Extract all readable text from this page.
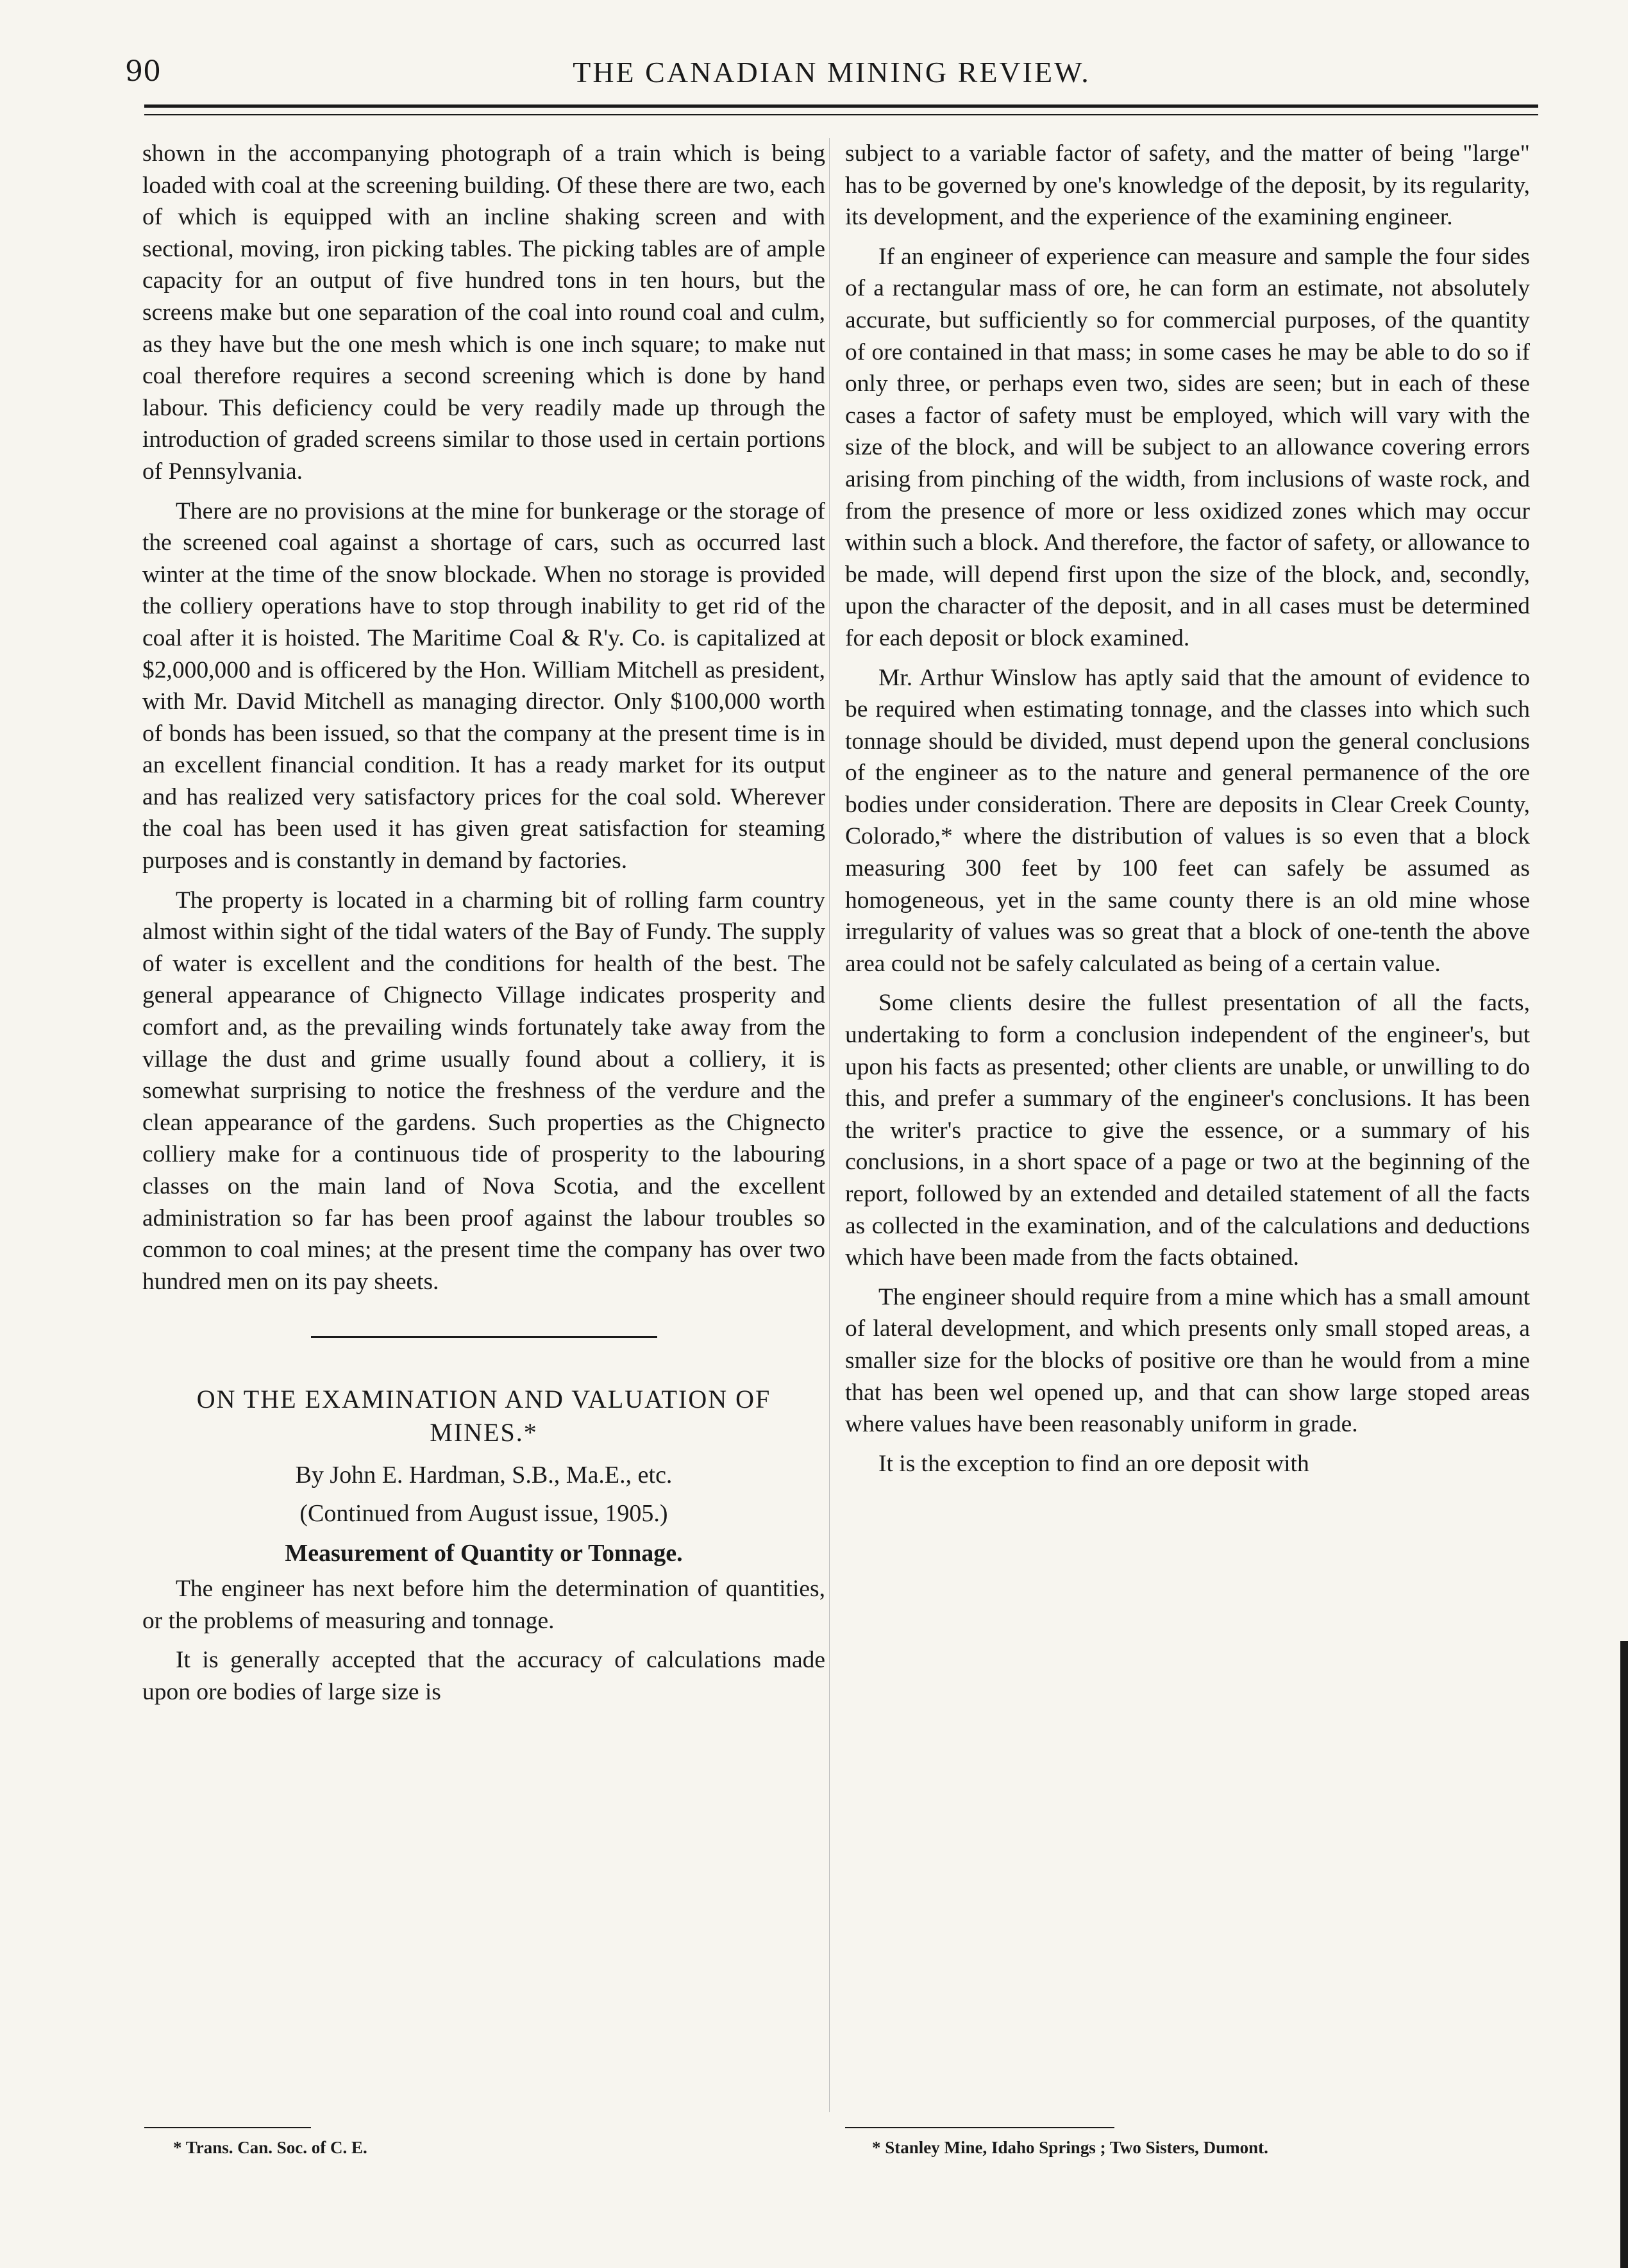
90	THE CANADIAN MINING REVIEW.

shown in the accompanying photograph of a train which is being loaded with coal at the screening building. Of these there are two, each of which is equipped with an incline shaking screen and with sectional, moving, iron picking tables. The picking tables are of ample capacity for an output of five hundred tons in ten hours, but the screens make but one separation of the coal into round coal and culm, as they have but the one mesh which is one inch square; to make nut coal therefore requires a second screening which is done by hand labour. This deficiency could be very readily made up through the introduction of graded screens similar to those used in certain portions of Pennsylvania.

There are no provisions at the mine for bunkerage or the storage of the screened coal against a shortage of cars, such as occurred last winter at the time of the snow blockade. When no storage is provided the colliery operations have to stop through inability to get rid of the coal after it is hoisted. The Maritime Coal & R'y. Co. is capitalized at $2,000,000 and is officered by the Hon. William Mitchell as president, with Mr. David Mitchell as managing director. Only $100,000 worth of bonds has been issued, so that the company at the present time is in an excellent financial condition. It has a ready market for its output and has realized very satisfactory prices for the coal sold. Wherever the coal has been used it has given great satisfaction for steaming purposes and is constantly in demand by factories.

The property is located in a charming bit of rolling farm country almost within sight of the tidal waters of the Bay of Fundy. The supply of water is excellent and the conditions for health of the best. The general appearance of Chignecto Village indicates prosperity and comfort and, as the prevailing winds fortunately take away from the village the dust and grime usually found about a colliery, it is somewhat surprising to notice the freshness of the verdure and the clean appearance of the gardens. Such properties as the Chignecto colliery make for a continuous tide of prosperity to the labouring classes on the main land of Nova Scotia, and the excellent administration so far has been proof against the labour troubles so common to coal mines; at the present time the company has over two hundred men on its pay sheets.

ON THE EXAMINATION AND VALUATION OF MINES.*
By John E. Hardman, S.B., Ma.E., etc.
(Continued from August issue, 1905.)
Measurement of Quantity or Tonnage.

The engineer has next before him the determination of quantities, or the problems of measuring and tonnage.

It is generally accepted that the accuracy of calculations made upon ore bodies of large size is

subject to a variable factor of safety, and the matter of being "large" has to be governed by one's knowledge of the deposit, by its regularity, its development, and the experience of the examining engineer.

If an engineer of experience can measure and sample the four sides of a rectangular mass of ore, he can form an estimate, not absolutely accurate, but sufficiently so for commercial purposes, of the quantity of ore contained in that mass; in some cases he may be able to do so if only three, or perhaps even two, sides are seen; but in each of these cases a factor of safety must be employed, which will vary with the size of the block, and will be subject to an allowance covering errors arising from pinching of the width, from inclusions of waste rock, and from the presence of more or less oxidized zones which may occur within such a block. And therefore, the factor of safety, or allowance to be made, will depend first upon the size of the block, and, secondly, upon the character of the deposit, and in all cases must be determined for each deposit or block examined.

Mr. Arthur Winslow has aptly said that the amount of evidence to be required when estimating tonnage, and the classes into which such tonnage should be divided, must depend upon the general conclusions of the engineer as to the nature and general permanence of the ore bodies under consideration. There are deposits in Clear Creek County, Colorado,* where the distribution of values is so even that a block measuring 300 feet by 100 feet can safely be assumed as homogeneous, yet in the same county there is an old mine whose irregularity of values was so great that a block of one-tenth the above area could not be safely calculated as being of a certain value.

Some clients desire the fullest presentation of all the facts, undertaking to form a conclusion independent of the engineer's, but upon his facts as presented; other clients are unable, or unwilling to do this, and prefer a summary of the engineer's conclusions. It has been the writer's practice to give the essence, or a summary of his conclusions, in a short space of a page or two at the beginning of the report, followed by an extended and detailed statement of all the facts as collected in the examination, and of the calculations and deductions which have been made from the facts obtained.

The engineer should require from a mine which has a small amount of lateral development, and which presents only small stoped areas, a smaller size for the blocks of positive ore than he would from a mine that has been wel opened up, and that can show large stoped areas where values have been reasonably uniform in grade.

It is the exception to find an ore deposit with

* Trans. Can. Soc. of C. E.	* Stanley Mine, Idaho Springs ; Two Sisters, Dumont.
